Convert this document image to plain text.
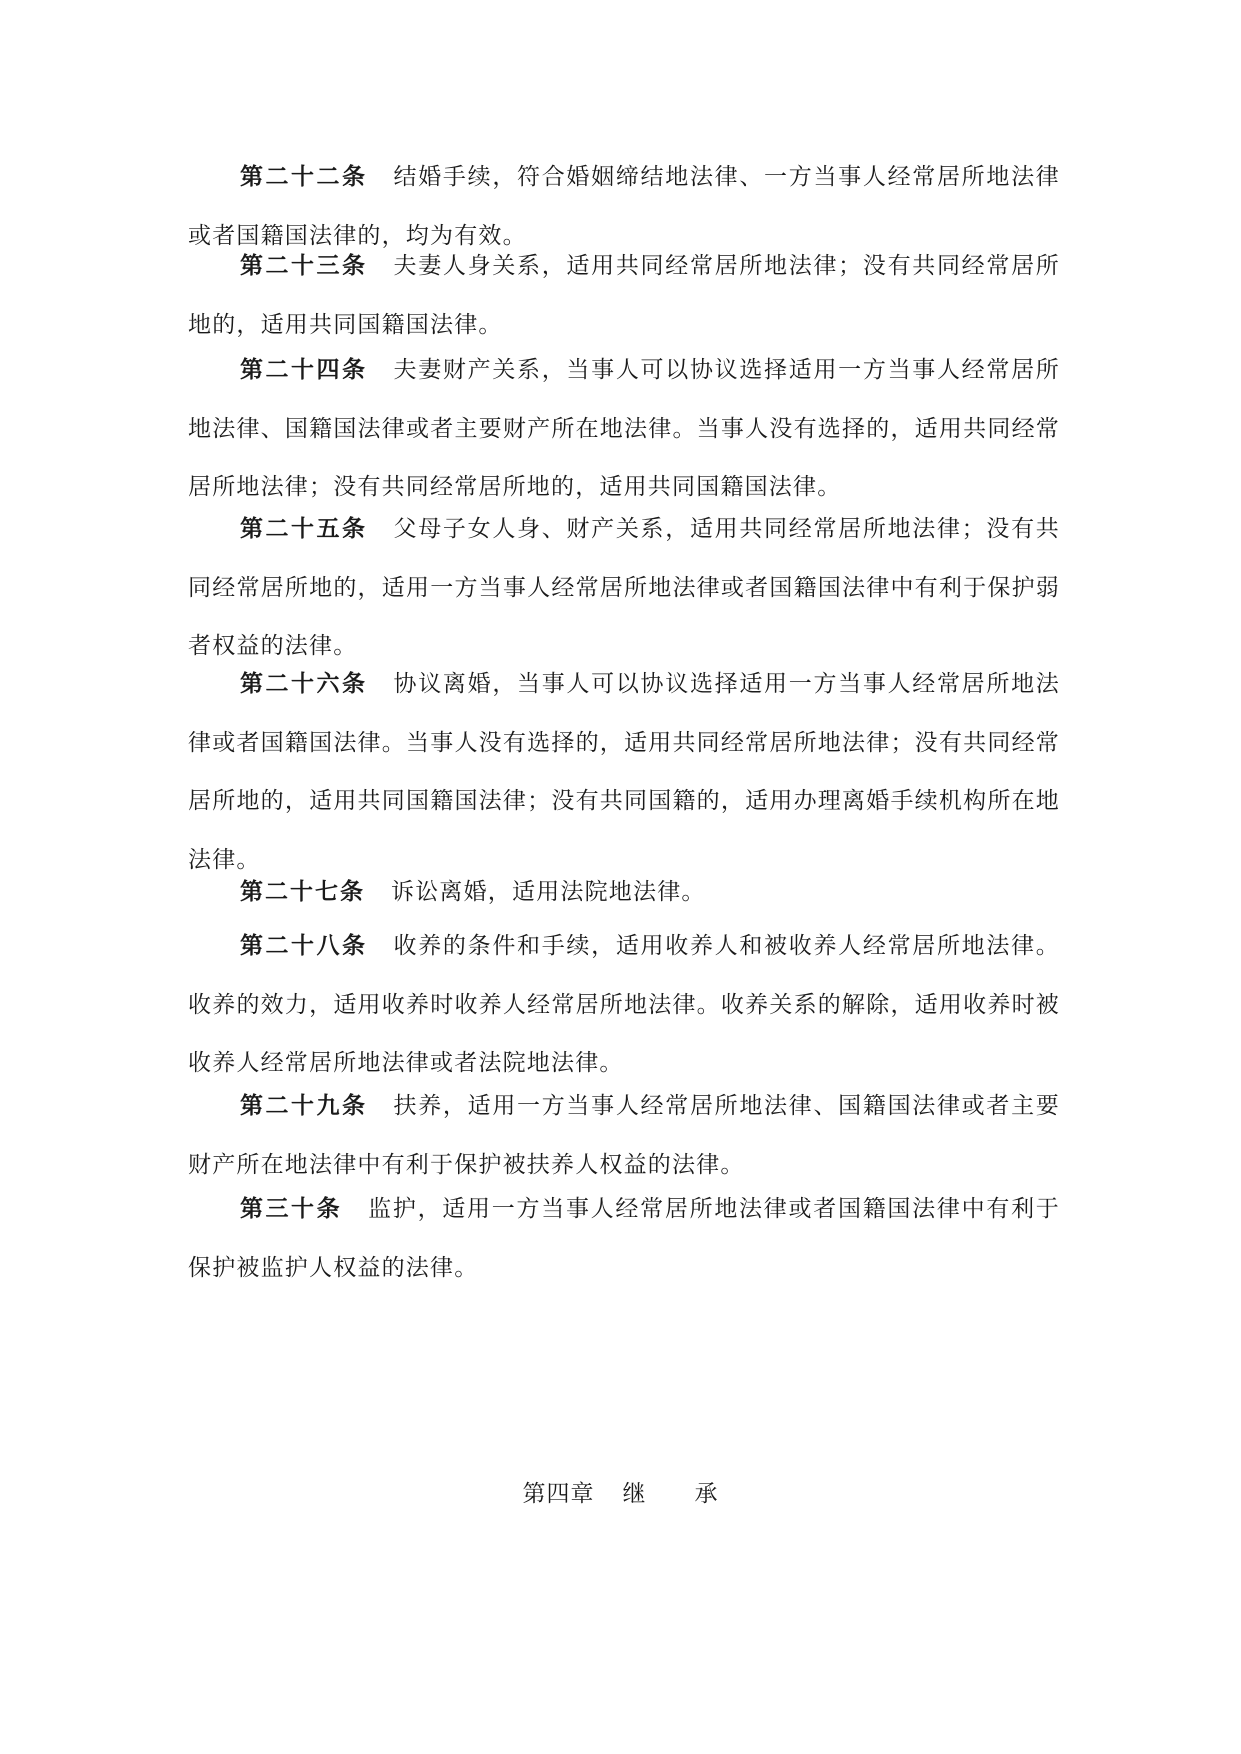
第二十二条 结婚手续，符合婚姻缔结地法律、一方当事人经常居所地法律或者国籍国法律的，均为有效。

第二十三条 夫妻人身关系，适用共同经常居所地法律；没有共同经常居所地的，适用共同国籍国法律。

第二十四条 夫妻财产关系，当事人可以协议选择适用一方当事人经常居所地法律、国籍国法律或者主要财产所在地法律。当事人没有选择的，适用共同经常居所地法律；没有共同经常居所地的，适用共同国籍国法律。

第二十五条 父母子女人身、财产关系，适用共同经常居所地法律；没有共同经常居所地的，适用一方当事人经常居所地法律或者国籍国法律中有利于保护弱者权益的法律。

第二十六条 协议离婚，当事人可以协议选择适用一方当事人经常居所地法律或者国籍国法律。当事人没有选择的，适用共同经常居所地法律；没有共同经常居所地的，适用共同国籍国法律；没有共同国籍的，适用办理离婚手续机构所在地法律。

第二十七条 诉讼离婚，适用法院地法律。

第二十八条 收养的条件和手续，适用收养人和被收养人经常居所地法律。收养的效力，适用收养时收养人经常居所地法律。收养关系的解除，适用收养时被收养人经常居所地法律或者法院地法律。

第二十九条 扶养，适用一方当事人经常居所地法律、国籍国法律或者主要财产所在地法律中有利于保护被扶养人权益的法律。

第三十条 监护，适用一方当事人经常居所地法律或者国籍国法律中有利于保护被监护人权益的法律。

第四章 继 承
